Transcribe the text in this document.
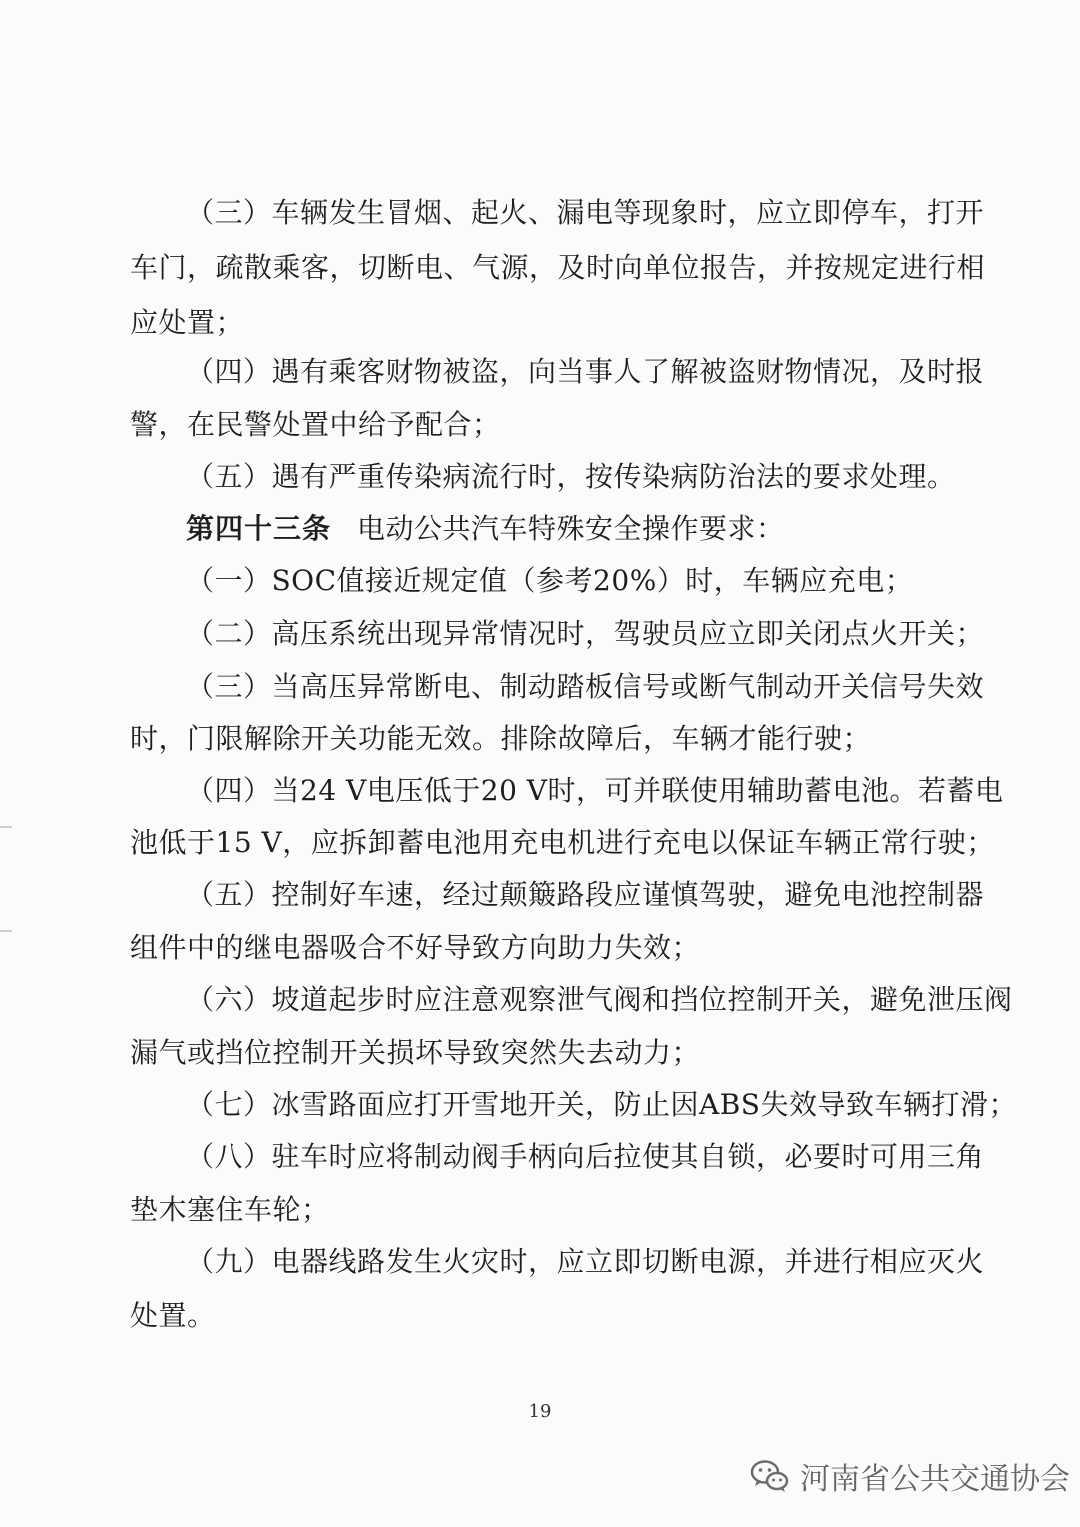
（三）车辆发生冒烟、起火、漏电等现象时，应立即停车，打开
车门，疏散乘客，切断电、气源，及时向单位报告，并按规定进行相
应处置；
（四）遇有乘客财物被盗，向当事人了解被盗财物情况，及时报
警，在民警处置中给予配合；
（五）遇有严重传染病流行时，按传染病防治法的要求处理。
第四十三条 电动公共汽车特殊安全操作要求：
（一）SOC值接近规定值（参考20%）时，车辆应充电；
（二）高压系统出现异常情况时，驾驶员应立即关闭点火开关；
（三）当高压异常断电、制动踏板信号或断气制动开关信号失效
时，门限解除开关功能无效。排除故障后，车辆才能行驶；
（四）当24 V电压低于20 V时，可并联使用辅助蓄电池。若蓄电
池低于15 V，应拆卸蓄电池用充电机进行充电以保证车辆正常行驶；
（五）控制好车速，经过颠簸路段应谨慎驾驶，避免电池控制器
组件中的继电器吸合不好导致方向助力失效；
（六）坡道起步时应注意观察泄气阀和挡位控制开关，避免泄压阀
漏气或挡位控制开关损坏导致突然失去动力；
（七）冰雪路面应打开雪地开关，防止因ABS失效导致车辆打滑；
（八）驻车时应将制动阀手柄向后拉使其自锁，必要时可用三角
垫木塞住车轮；
（九）电器线路发生火灾时，应立即切断电源，并进行相应灭火
处置。
19
河南省公共交通协会
